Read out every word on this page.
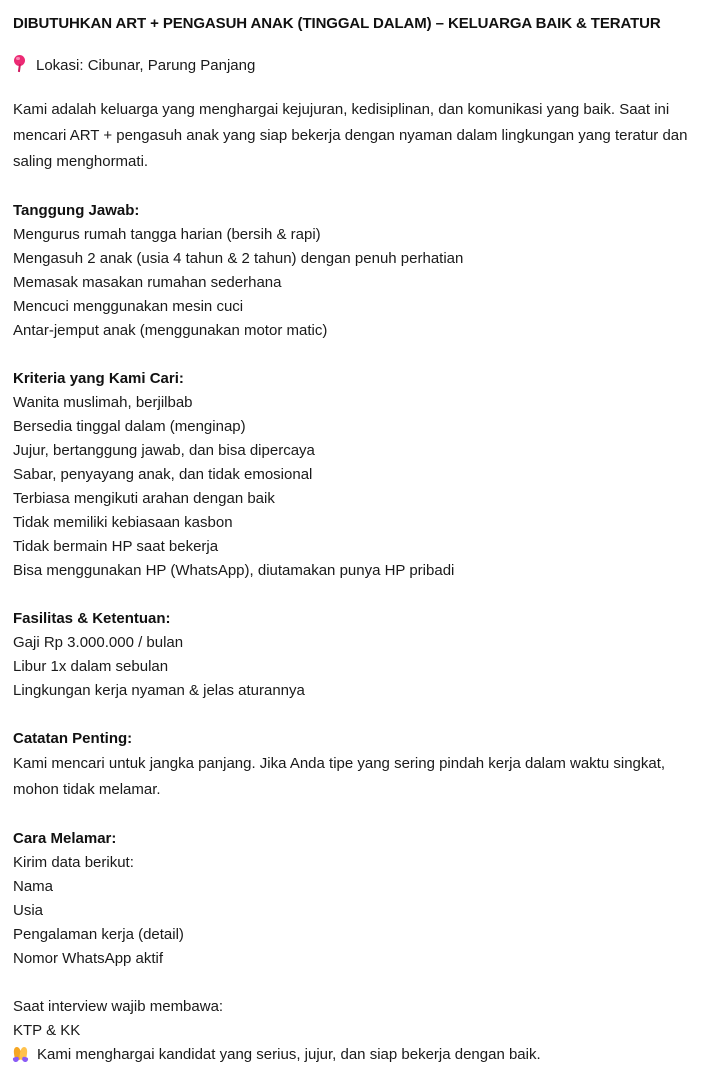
DIBUTUHKAN ART + PENGASUH ANAK (TINGGAL DALAM) – KELUARGA BAIK & TERATUR
Lokasi: Cibunar, Parung Panjang

Kami adalah keluarga yang menghargai kejujuran, kedisiplinan, dan komunikasi yang baik. Saat ini mencari ART + pengasuh anak yang siap bekerja dengan nyaman dalam lingkungan yang teratur dan saling menghormati.

Tanggung Jawab:
Mengurus rumah tangga harian (bersih & rapi)
Mengasuh 2 anak (usia 4 tahun & 2 tahun) dengan penuh perhatian
Memasak masakan rumahan sederhana
Mencuci menggunakan mesin cuci
Antar-jemput anak (menggunakan motor matic)
Kriteria yang Kami Cari:
Wanita muslimah, berjilbab
Bersedia tinggal dalam (menginap)
Jujur, bertanggung jawab, dan bisa dipercaya
Sabar, penyayang anak, dan tidak emosional
Terbiasa mengikuti arahan dengan baik
Tidak memiliki kebiasaan kasbon
Tidak bermain HP saat bekerja
Bisa menggunakan HP (WhatsApp), diutamakan punya HP pribadi
Fasilitas & Ketentuan:
Gaji Rp 3.000.000 / bulan
Libur 1x dalam sebulan
Lingkungan kerja nyaman & jelas aturannya
Catatan Penting:

Kami mencari untuk jangka panjang. Jika Anda tipe yang sering pindah kerja dalam waktu singkat, mohon tidak melamar.

Cara Melamar:
Kirim data berikut:
Nama
Usia
Pengalaman kerja (detail)
Nomor WhatsApp aktif
Saat interview wajib membawa:
KTP & KK
Kami menghargai kandidat yang serius, jujur, dan siap bekerja dengan baik.
